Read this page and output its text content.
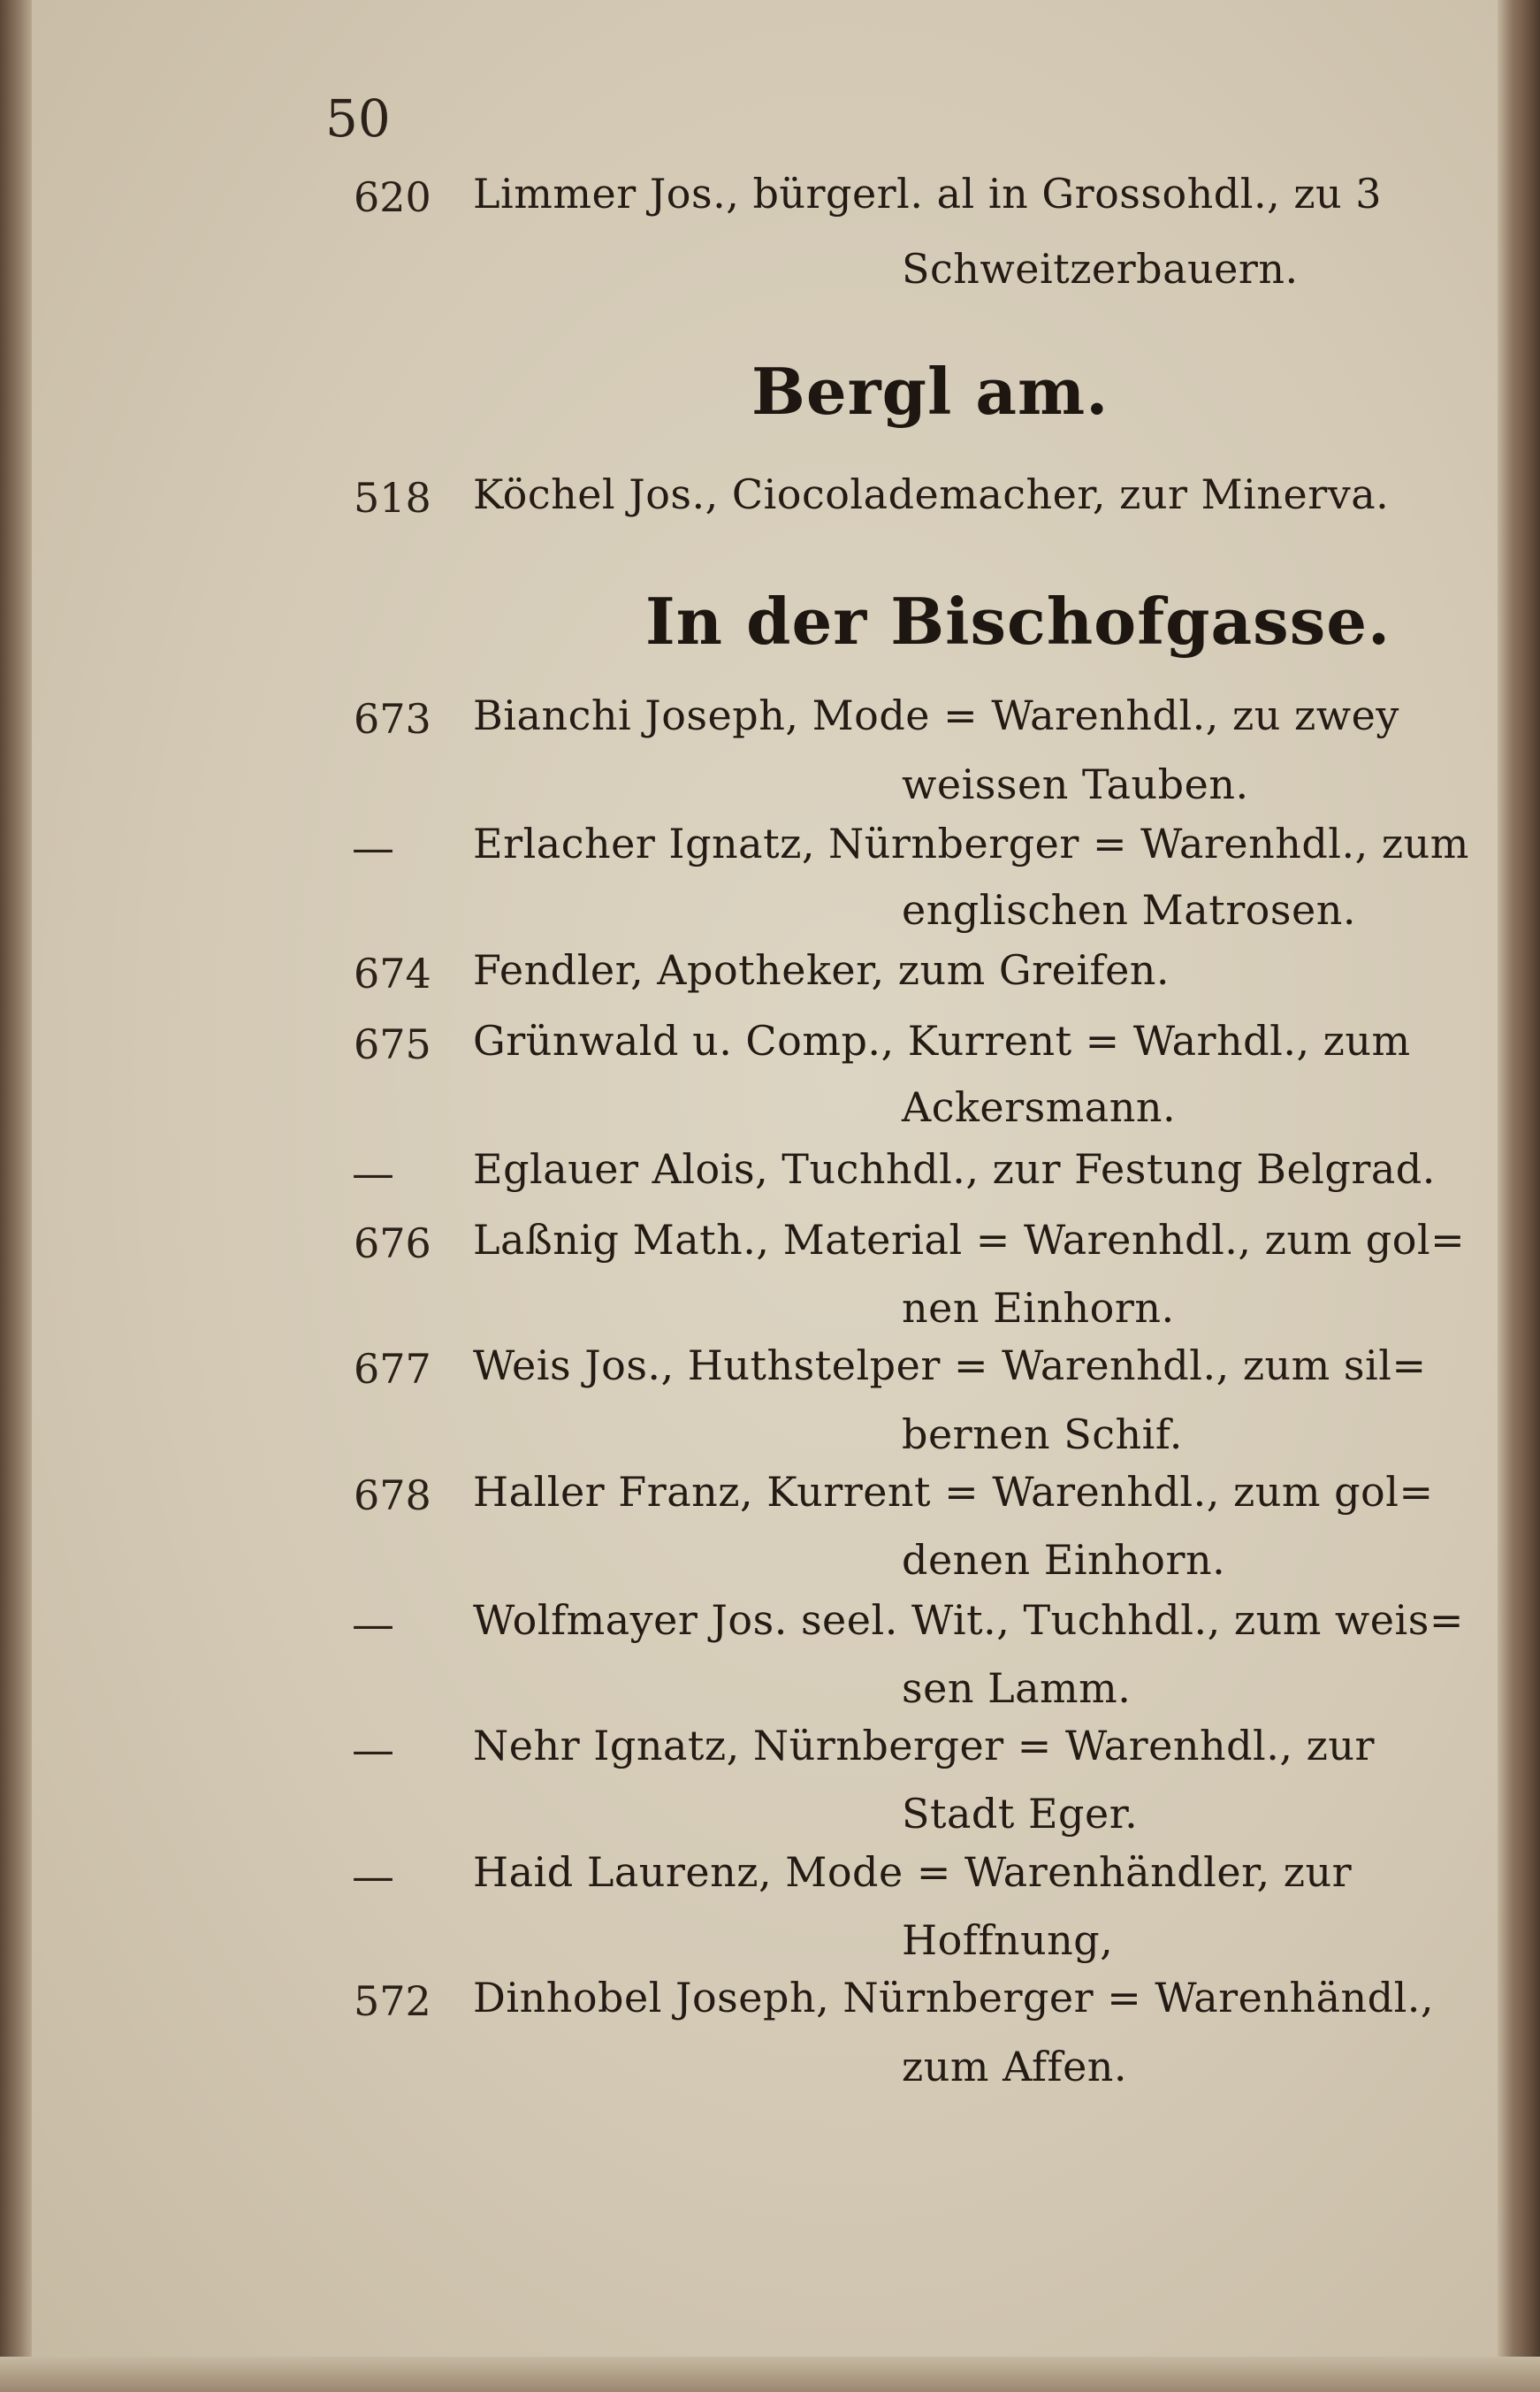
50
620 Limmer Jos., bürgerl. al in Grossohdl., zu 3
Schweitzerbauern.
Bergl am.
518 Köchel Jos., Ciocolademacher, zur Minerva.
In der Bischofgasse.
673 Bianchi Joseph, Mode = Warenhdl., zu zwey
weissen Tauben.
— Erlacher Ignatz, Nürnberger = Warenhdl., zum
englischen Matrosen.
674 Fendler, Apotheker, zum Greifen.
675 Grünwald u. Comp., Kurrent = Warhdl., zum
Ackersmann.
— Eglauer Alois, Tuchhdl., zur Festung Belgrad.
676 Laßnig Math., Material = Warenhdl., zum gol=
nen Einhorn.
677 Weis Jos., Huthstelper = Warenhdl., zum sil=
bernen Schif.
678 Haller Franz, Kurrent = Warenhdl., zum gol=
denen Einhorn.
— Wolfmayer Jos. seel. Wit., Tuchhdl., zum weis=
sen Lamm.
— Nehr Ignatz, Nürnberger = Warenhdl., zur
Stadt Eger.
— Haid Laurenz, Mode = Warenhändler, zur
Hoffnung,
572 Dinhobel Joseph, Nürnberger = Warenhändl.,
zum Affen.
